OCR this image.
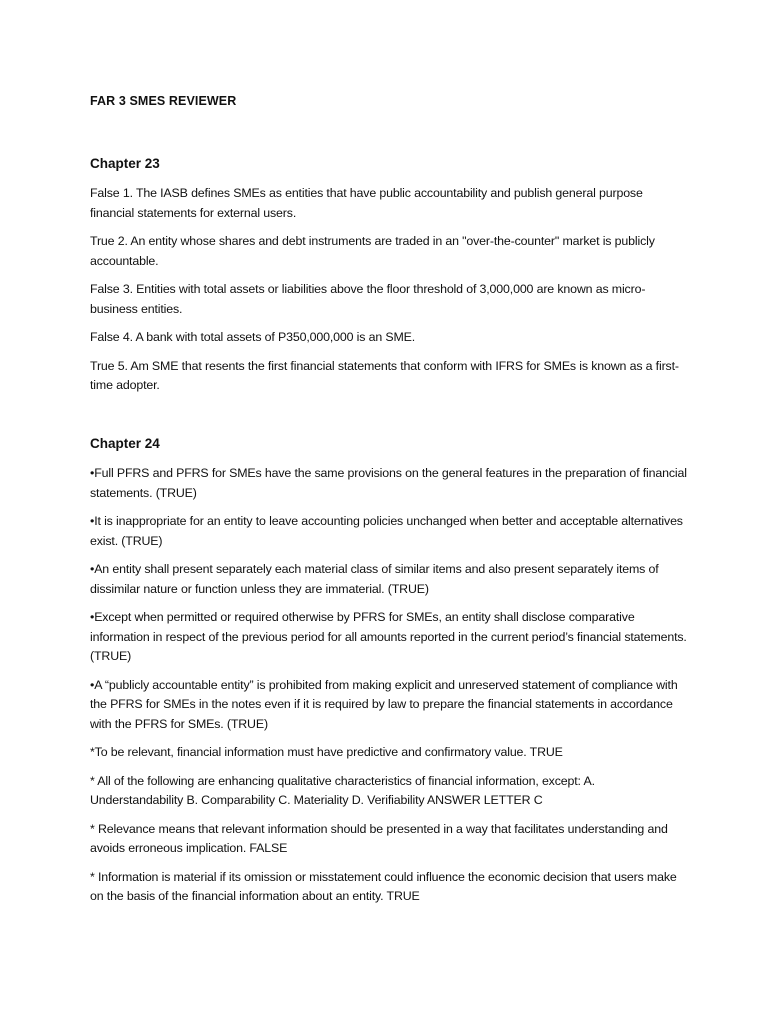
FAR 3 SMES REVIEWER
Chapter 23

False 1. The IASB defines SMEs as entities that have public accountability and publish general purpose financial statements for external users.

True 2. An entity whose shares and debt instruments are traded in an "over-the-counter" market is publicly accountable.

False 3. Entities with total assets or liabilities above the floor threshold of 3,000,000 are known as micro-business entities.

False 4. A bank with total assets of P350,000,000 is an SME.

True 5. Am SME that resents the first financial statements that conform with IFRS for SMEs is known as a first-time adopter.

Chapter 24

•Full PFRS and PFRS for SMEs have the same provisions on the general features in the preparation of financial statements. (TRUE)

•It is inappropriate for an entity to leave accounting policies unchanged when better and acceptable alternatives exist. (TRUE)

•An entity shall present separately each material class of similar items and also present separately items of dissimilar nature or function unless they are immaterial. (TRUE)

•Except when permitted or required otherwise by PFRS for SMEs, an entity shall disclose comparative information in respect of the previous period for all amounts reported in the current period’s financial statements. (TRUE)

•A “publicly accountable entity” is prohibited from making explicit and unreserved statement of compliance with the PFRS for SMEs in the notes even if it is required by law to prepare the financial statements in accordance with the PFRS for SMEs. (TRUE)

*To be relevant, financial information must have predictive and confirmatory value. TRUE

* All of the following are enhancing qualitative characteristics of financial information, except: A. Understandability B. Comparability C. Materiality D. Verifiability ANSWER LETTER C

* Relevance means that relevant information should be presented in a way that facilitates understanding and avoids erroneous implication. FALSE

* Information is material if its omission or misstatement could influence the economic decision that users make on the basis of the financial information about an entity. TRUE
